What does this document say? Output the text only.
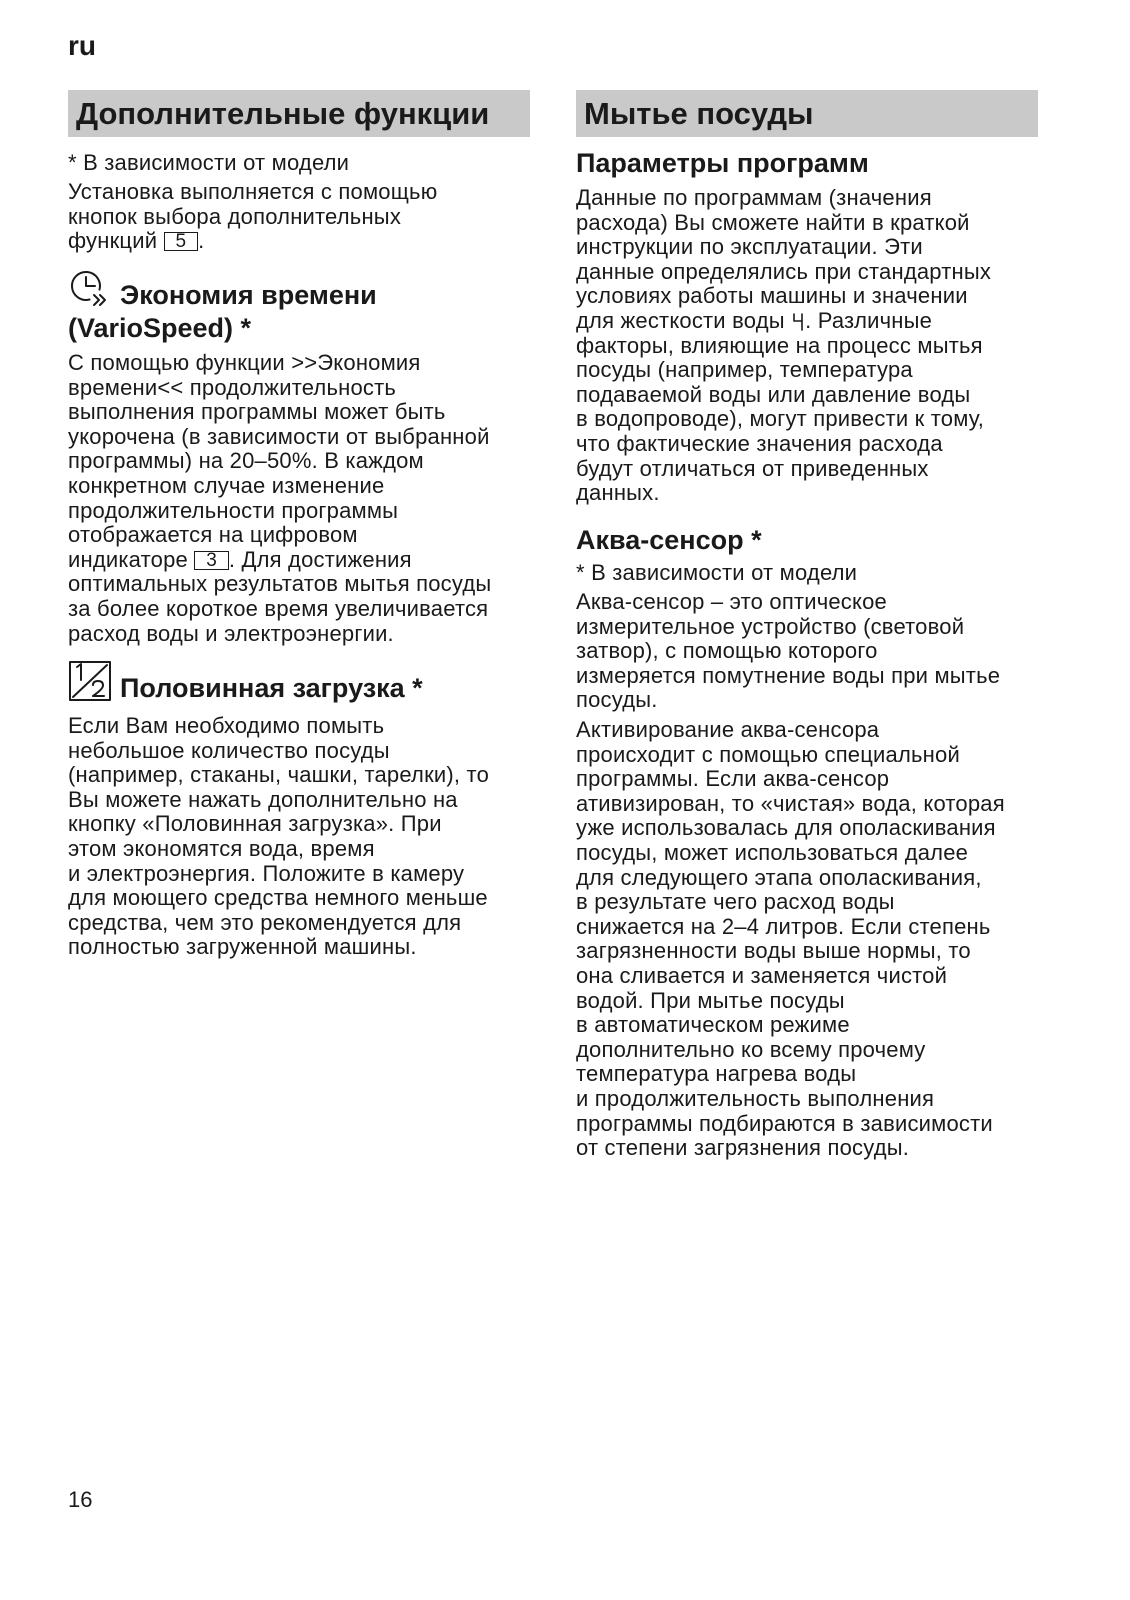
ru
Дополнительные функции
* В зависимости от модели
Установка выполняется с помощью
кнопок выбора дополнительных
функций 5 .
Экономия времени
(VarioSpeed) *
С помощью функции >>Экономия
времени<< продолжительность
выполнения программы может быть
укорочена (в зависимости от выбранной
программы) на 20–50%. В каждом
конкретном случае изменение
продолжительности программы
отображается на цифровом
индикаторе 3 . Для достижения
оптимальных результатов мытья посуды
за более короткое время увеличивается
расход воды и электроэнергии.
Половинная загрузка *
Если Вам необходимо помыть
небольшое количество посуды
(например, стаканы, чашки, тарелки), то
Вы можете нажать дополнительно на
кнопку «Половинная загрузка». При
этом экономятся вода, время
и электроэнергия. Положите в камеру
для моющего средства немного меньше
средства, чем это рекомендуется для
полностью загруженной машины.
Мытье посуды
Параметры программ
Данные по программам (значения
расхода) Вы сможете найти в краткой
инструкции по эксплуатации. Эти
данные определялись при стандартных
условиях работы машины и значении
для жесткости воды
. Различные
факторы, влияющие на процесс мытья
посуды (например, температура
подаваемой воды или давление воды
в водопроводе), могут привести к тому,
что фактические значения расхода
будут отличаться от приведенных
данных.
Аква-сенсор *
* В зависимости от модели
Аква-сенсор – это оптическое
измерительное устройство (световой
затвор), с помощью которого
измеряется помутнение воды при мытье
посуды.
Активирование аква-сенсора
происходит с помощью специальной
программы. Если аква-сенсор
ативизирован, то «чистая» вода, которая
уже использовалась для ополаскивания
посуды, может использоваться далее
для следующего этапа ополаскивания,
в результате чего расход воды
снижается на 2–4 литров. Если степень
загрязненности воды выше нормы, то
она сливается и заменяется чистой
водой. При мытье посуды
в автоматическом режиме
дополнительно ко всему прочему
температура нагрева воды
и продолжительность выполнения
программы подбираются в зависимости
от степени загрязнения посуды.
16
